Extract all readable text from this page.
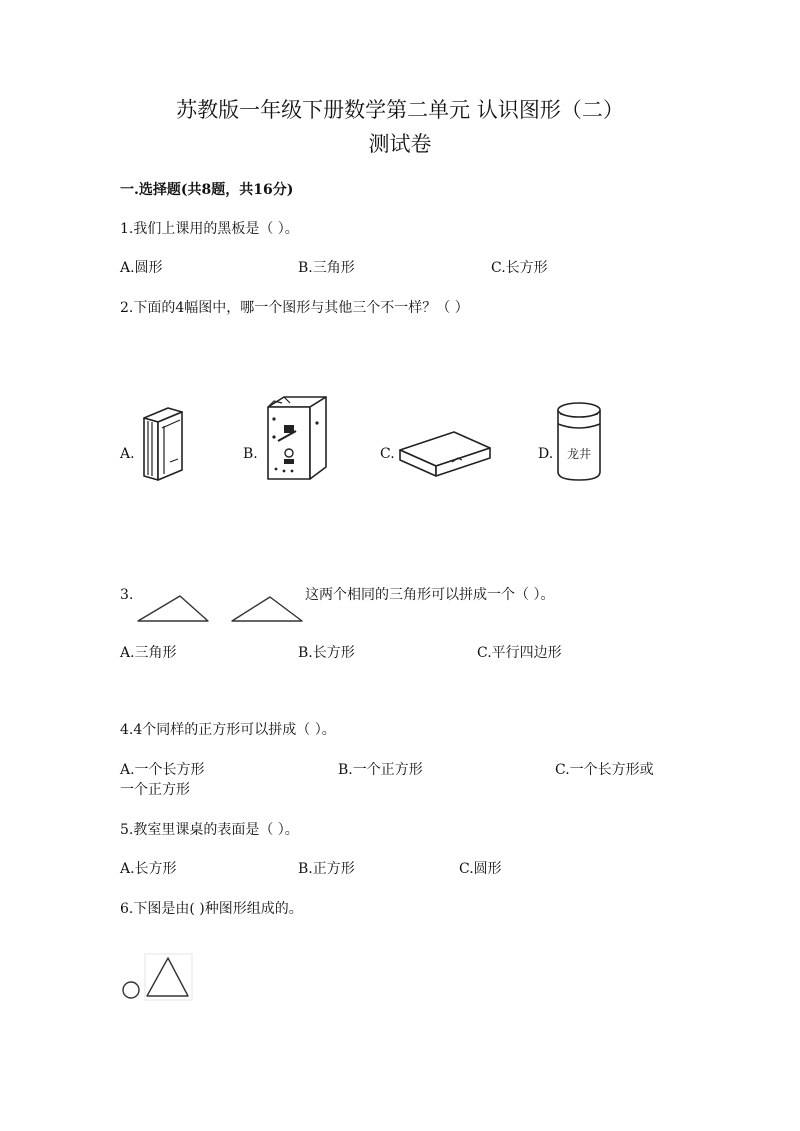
苏教版一年级下册数学第二单元 认识图形（二）
测试卷
一.选择题(共8题，共16分)
1.我们上课用的黑板是（ ）。
A.圆形	B.三角形	C.长方形
2.下面的4幅图中，哪一个图形与其他三个不一样？（ ）
A.	B.	C.	D. 龙井
3.	这两个相同的三角形可以拼成一个（ ）。
A.三角形	B.长方形	C.平行四边形
4.4个同样的正方形可以拼成（ ）。
A.一个长方形	B.一个正方形	C.一个长方形或
一个正方形
5.教室里课桌的表面是（ ）。
A.长方形	B.正方形	C.圆形
6.下图是由( )种图形组成的。
